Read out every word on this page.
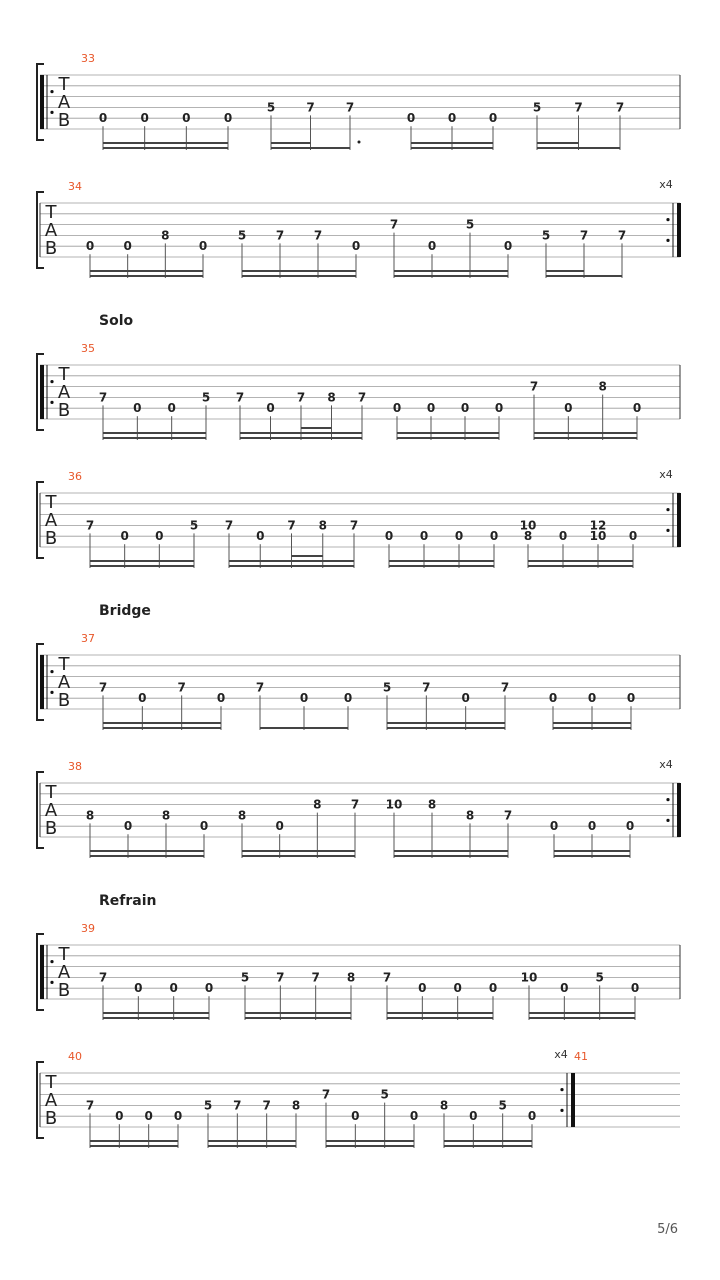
33
T
A
B 0	0	0	0
5	7	7
0	0	0
5	7	7
34
T
A
B
x4
0 0
8
0
5 7 7
0
7
0
5
0
5 7 7
Solo
35
T
A
B
7
0 0
5 7
0
7 8 7
0 0 0 0
7
0
8
0
36
T
A
B
x4
7
0 0
5 7
0
7 8 7
0 0 0 0
10
8 0
12
10 0
Bridge
37
T
A
B
7
0
7
0
7
0	0
5	7
0
7
0	0	0
38
T
A
B
x4
8
0
8
0
8
0
8 7 10 8
8 7
0 0 0
Refrain
39
T
A
B
7
0 0 0
5 7 7 8 7
0 0 0
10
0
5
0
40
T
A
B
x4 41
7
0 0 0
5 7 7 8
7
0
5
0
8
0
5
0
5/6
